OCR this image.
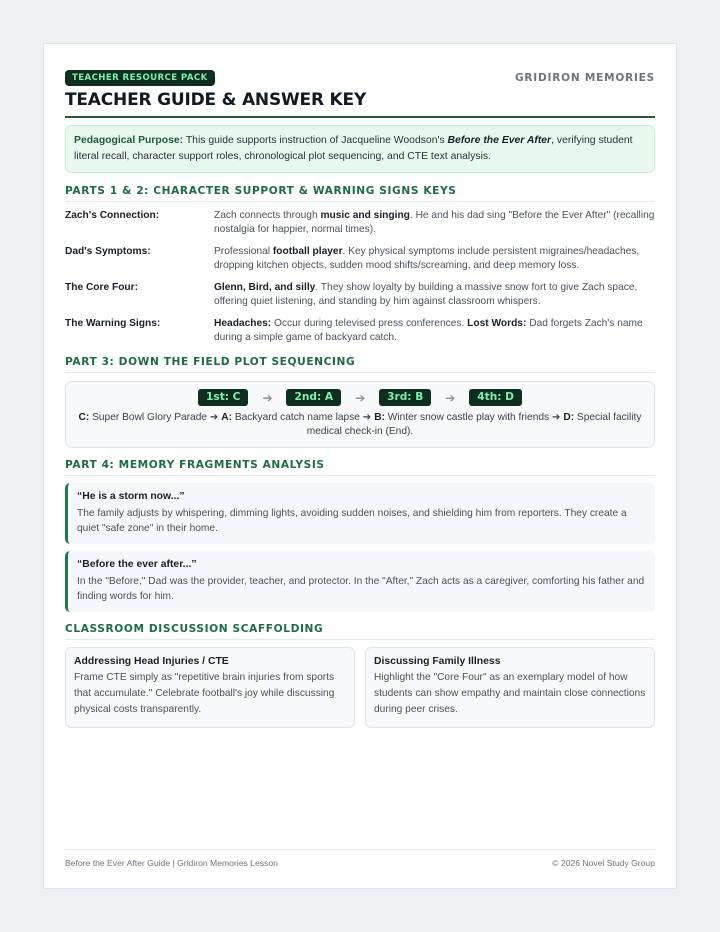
TEACHER RESOURCE PACK	GRIDIRON MEMORIES
TEACHER GUIDE & ANSWER KEY
Pedagogical Purpose: This guide supports instruction of Jacqueline Woodson's Before the Ever After, verifying student literal recall, character support roles, chronological plot sequencing, and CTE text analysis.
PARTS 1 & 2: CHARACTER SUPPORT & WARNING SIGNS KEYS
Zach's Connection:	Zach connects through music and singing. He and his dad sing "Before the Ever After" (recalling nostalgia for happier, normal times).
Dad's Symptoms:	Professional football player. Key physical symptoms include persistent migraines/headaches, dropping kitchen objects, sudden mood shifts/screaming, and deep memory loss.
The Core Four:	Glenn, Bird, and silly. They show loyalty by building a massive snow fort to give Zach space, offering quiet listening, and standing by him against classroom whispers.
The Warning Signs:	Headaches: Occur during televised press conferences. Lost Words: Dad forgets Zach's name during a simple game of backyard catch.
PART 3: DOWN THE FIELD PLOT SEQUENCING
1st: C	➔	2nd: A	➔	3rd: B	➔	4th: D
C: Super Bowl Glory Parade ➔ A: Backyard catch name lapse ➔ B: Winter snow castle play with friends ➔ D: Special facility medical check-in (End).
PART 4: MEMORY FRAGMENTS ANALYSIS
“He is a storm now...”
The family adjusts by whispering, dimming lights, avoiding sudden noises, and shielding him from reporters. They create a quiet "safe zone" in their home.
“Before the ever after...”
In the "Before," Dad was the provider, teacher, and protector. In the "After," Zach acts as a caregiver, comforting his father and finding words for him.
CLASSROOM DISCUSSION SCAFFOLDING
Addressing Head Injuries / CTE
Frame CTE simply as "repetitive brain injuries from sports that accumulate." Celebrate football's joy while discussing physical costs transparently.
Discussing Family Illness
Highlight the "Core Four" as an exemplary model of how students can show empathy and maintain close connections during peer crises.
Before the Ever After Guide | Gridiron Memories Lesson	© 2026 Novel Study Group
